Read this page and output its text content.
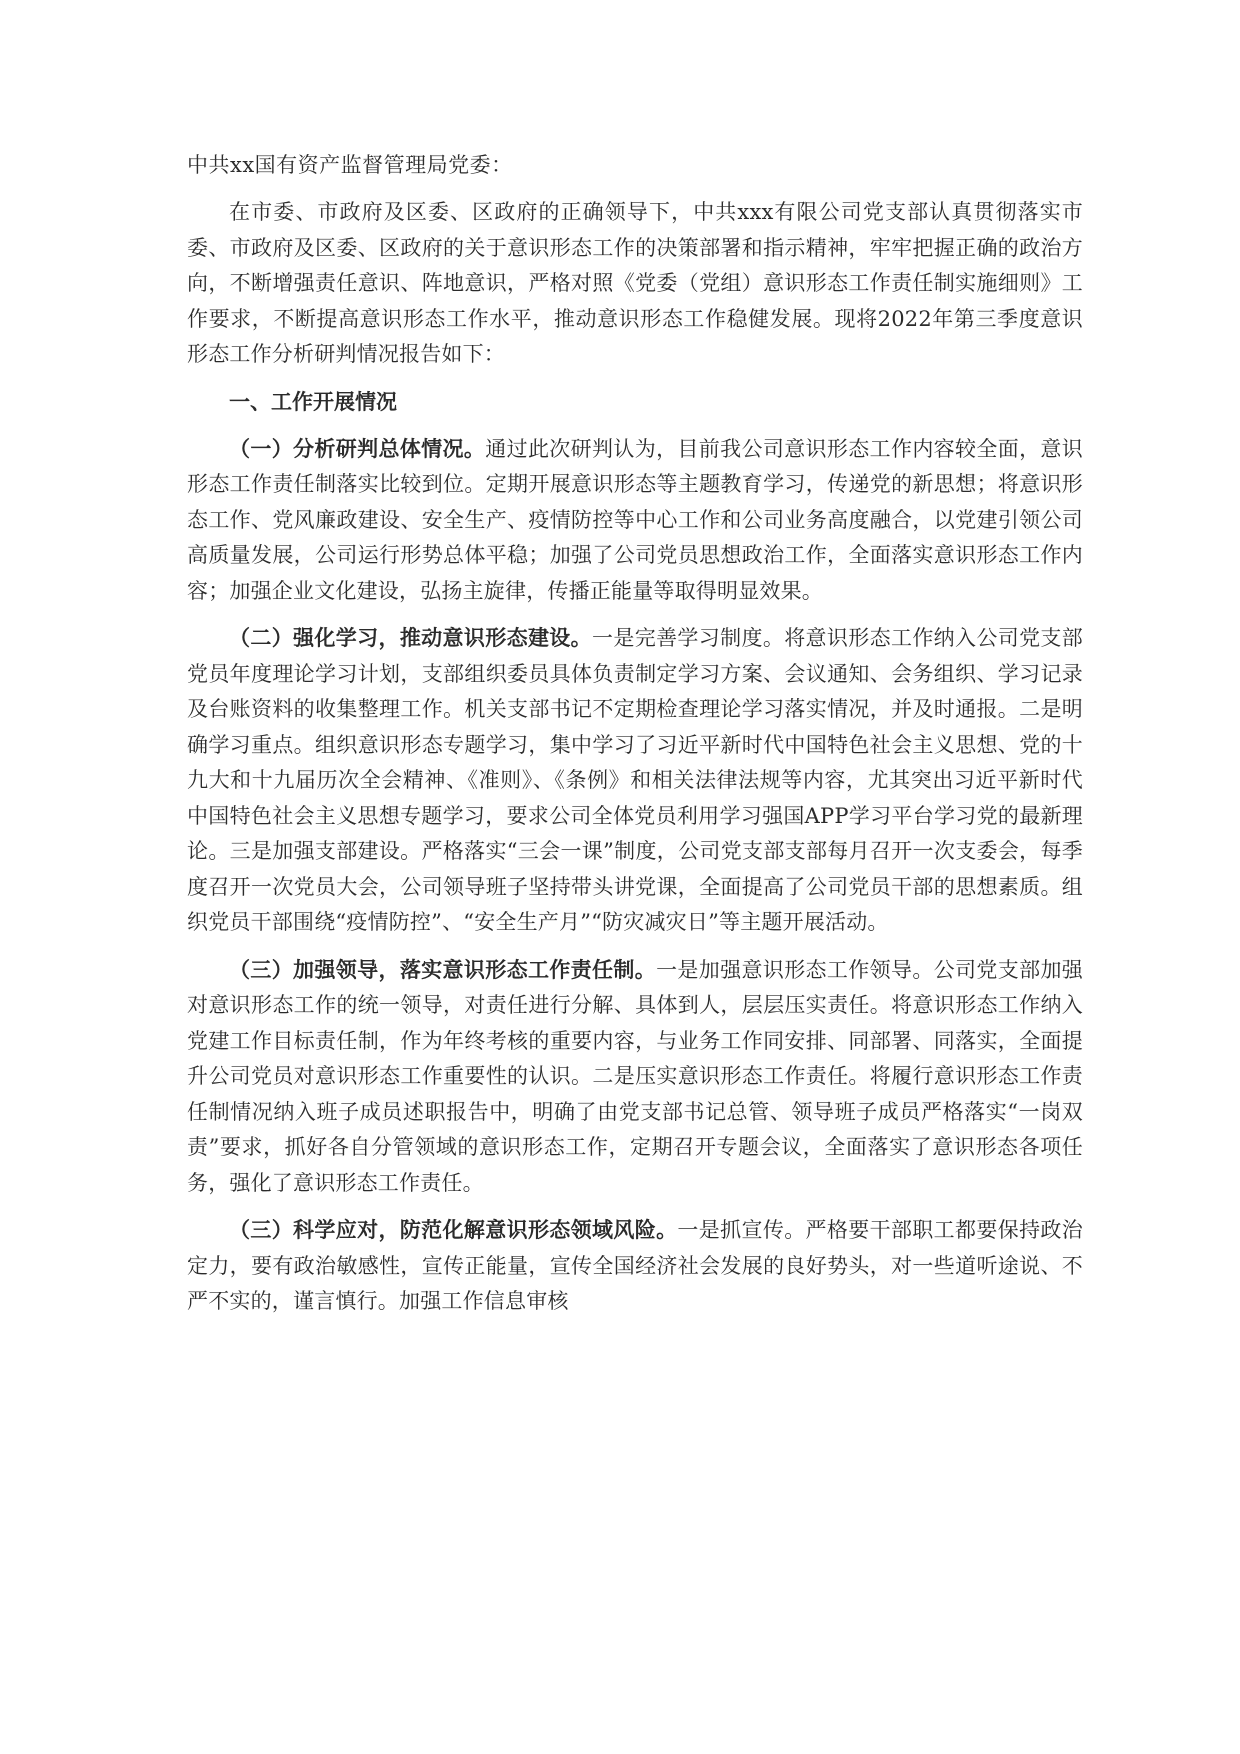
中共xx国有资产监督管理局党委：

在市委、市政府及区委、区政府的正确领导下，中共xxx有限公司党支部认真贯彻落实市委、市政府及区委、区政府的关于意识形态工作的决策部署和指示精神，牢牢把握正确的政治方向，不断增强责任意识、阵地意识，严格对照《党委（党组）意识形态工作责任制实施细则》工作要求，不断提高意识形态工作水平，推动意识形态工作稳健发展。现将2022年第三季度意识形态工作分析研判情况报告如下：

一、工作开展情况

（一）分析研判总体情况。通过此次研判认为，目前我公司意识形态工作内容较全面，意识形态工作责任制落实比较到位。定期开展意识形态等主题教育学习，传递党的新思想；将意识形态工作、党风廉政建设、安全生产、疫情防控等中心工作和公司业务高度融合，以党建引领公司高质量发展，公司运行形势总体平稳；加强了公司党员思想政治工作，全面落实意识形态工作内容；加强企业文化建设，弘扬主旋律，传播正能量等取得明显效果。

（二）强化学习，推动意识形态建设。一是完善学习制度。将意识形态工作纳入公司党支部党员年度理论学习计划，支部组织委员具体负责制定学习方案、会议通知、会务组织、学习记录及台账资料的收集整理工作。机关支部书记不定期检查理论学习落实情况，并及时通报。二是明确学习重点。组织意识形态专题学习，集中学习了习近平新时代中国特色社会主义思想、党的十九大和十九届历次全会精神、《准则》、《条例》和相关法律法规等内容，尤其突出习近平新时代中国特色社会主义思想专题学习，要求公司全体党员利用学习强国APP学习平台学习党的最新理论。三是加强支部建设。严格落实“三会一课”制度，公司党支部支部每月召开一次支委会，每季度召开一次党员大会，公司领导班子坚持带头讲党课，全面提高了公司党员干部的思想素质。组织党员干部围绕“疫情防控”、“安全生产月”“防灾减灾日”等主题开展活动。

（三）加强领导，落实意识形态工作责任制。一是加强意识形态工作领导。公司党支部加强对意识形态工作的统一领导，对责任进行分解、具体到人，层层压实责任。将意识形态工作纳入党建工作目标责任制，作为年终考核的重要内容，与业务工作同安排、同部署、同落实，全面提升公司党员对意识形态工作重要性的认识。二是压实意识形态工作责任。将履行意识形态工作责任制情况纳入班子成员述职报告中，明确了由党支部书记总管、领导班子成员严格落实“一岗双责”要求，抓好各自分管领域的意识形态工作，定期召开专题会议，全面落实了意识形态各项任务，强化了意识形态工作责任。

（三）科学应对，防范化解意识形态领域风险。一是抓宣传。严格要干部职工都要保持政治定力，要有政治敏感性，宣传正能量，宣传全国经济社会发展的良好势头，对一些道听途说、不严不实的，谨言慎行。加强工作信息审核
